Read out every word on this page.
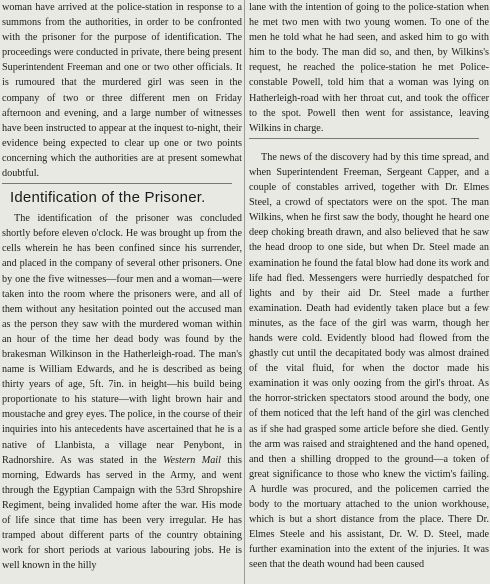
woman have arrived at the police-station in response to a summons from the authorities, in order to be confronted with the prisoner for the purpose of identification. The proceedings were conducted in private, there being present Superintendent Freeman and one or two other officials. It is rumoured that the murdered girl was seen in the company of two or three different men on Friday afternoon and evening, and a large number of witnesses have been instructed to appear at the inquest to-night, their evidence being expected to clear up one or two points concerning which the authorities are at present somewhat doubtful.

Identification of the Prisoner.

The identification of the prisoner was concluded shortly before eleven o'clock. He was brought up from the cells wherein he has been confined since his surrender, and placed in the company of several other prisoners. One by one the five witnesses—four men and a woman—were taken into the room where the prisoners were, and all of them without any hesitation pointed out the accused man as the person they saw with the murdered woman within an hour of the time her dead body was found by the brakesman Wilkinson in the Hatherleigh-road. The man's name is William Edwards, and he is described as being thirty years of age, 5ft. 7in. in height—his build being proportionate to his stature—with light brown hair and moustache and grey eyes. The police, in the course of their inquiries into his antecedents have ascertained that he is a native of Llanbista, a village near Penybont, in Radnorshire. As was stated in the Western Mail this morning, Edwards has served in the Army, and went through the Egyptian Campaign with the 53rd Shropshire Regiment, being invalided home after the war. His mode of life since that time has been very irregular. He has tramped about different parts of the country obtaining work for short periods at various labouring jobs. He is well known in the hilly

lane with the intention of going to the police-station when he met two men with two young women. To one of the men he told what he had seen, and asked him to go with him to the body. The man did so, and then, by Wilkins's request, he reached the police-station he met Police-constable Powell, told him that a woman was lying on Hatherleigh-road with her throat cut, and took the officer to the spot. Powell then went for assistance, leaving Wilkins in charge.

The news of the discovery had by this time spread, and when Superintendent Freeman, Sergeant Capper, and a couple of constables arrived, together with Dr. Elmes Steel, a crowd of spectators were on the spot. The man Wilkins, when he first saw the body, thought he heard one deep choking breath drawn, and also believed that he saw the head droop to one side, but when Dr. Steel made an examination he found the fatal blow had done its work and life had fled. Messengers were hurriedly despatched for lights and by their aid Dr. Steel made a further examination. Death had evidently taken place but a few minutes, as the face of the girl was warm, though her hands were cold. Evidently blood had flowed from the ghastly cut until the decapitated body was almost drained of the vital fluid, for when the doctor made his examination it was only oozing from the girl's throat. As the horror-stricken spectators stood around the body, one of them noticed that the left hand of the girl was clenched as if she had grasped some article before she died. Gently the arm was raised and straightened and the hand opened, and then a shilling dropped to the ground—a token of great significance to those who knew the victim's failing. A hurdle was procured, and the policemen carried the body to the mortuary attached to the union workhouse, which is but a short distance from the place. There Dr. Elmes Steele and his assistant, Dr. W. D. Steel, made further examination into the extent of the injuries. It was seen that the death wound had been caused
